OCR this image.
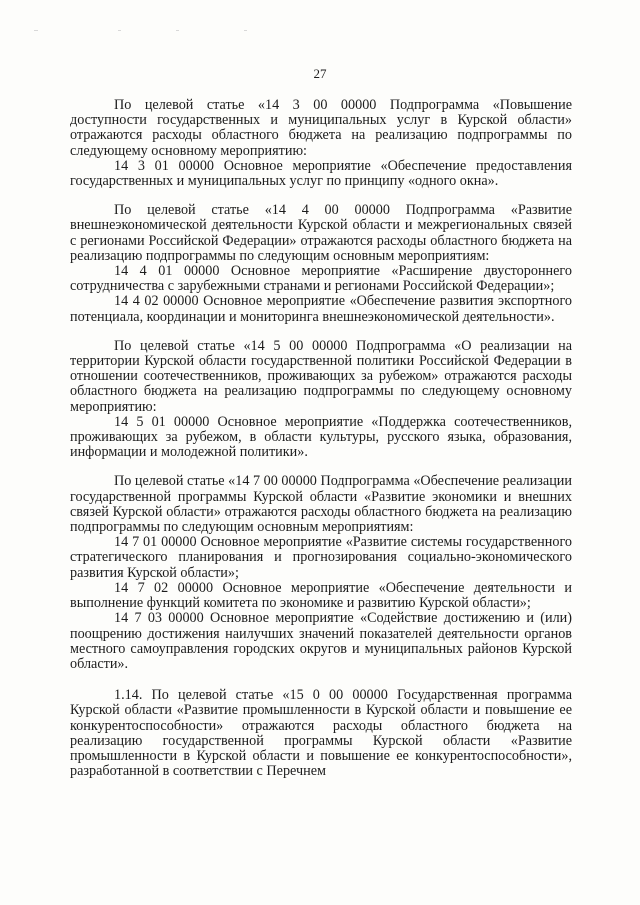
27

По целевой статье «14 3 00 00000 Подпрограмма «Повышение доступности государственных и муниципальных услуг в Курской области» отражаются расходы областного бюджета на реализацию подпрограммы по следующему основному мероприятию:

14 3 01 00000 Основное мероприятие «Обеспечение предоставления государственных и муниципальных услуг по принципу «одного окна».

По целевой статье «14 4 00 00000 Подпрограмма «Развитие внешнеэкономической деятельности Курской области и межрегиональных связей с регионами Российской Федерации» отражаются расходы областного бюджета на реализацию подпрограммы по следующим основным мероприятиям:

14 4 01 00000 Основное мероприятие «Расширение двустороннего сотрудничества с зарубежными странами и регионами Российской Федерации»;

14 4 02 00000 Основное мероприятие «Обеспечение развития экспортного потенциала, координации и мониторинга внешнеэкономической деятельности».

По целевой статье «14 5 00 00000 Подпрограмма «О реализации на территории Курской области государственной политики Российской Федерации в отношении соотечественников, проживающих за рубежом» отражаются расходы областного бюджета на реализацию подпрограммы по следующему основному мероприятию:

14 5 01 00000 Основное мероприятие «Поддержка соотечественников, проживающих за рубежом, в области культуры, русского языка, образования, информации и молодежной политики».

По целевой статье «14 7 00 00000 Подпрограмма «Обеспечение реализации государственной программы Курской области «Развитие экономики и внешних связей Курской области» отражаются расходы областного бюджета на реализацию подпрограммы по следующим основным мероприятиям:

14 7 01 00000 Основное мероприятие «Развитие системы государственного стратегического планирования и прогнозирования социально-экономического развития Курской области»;

14 7 02 00000 Основное мероприятие «Обеспечение деятельности и выполнение функций комитета по экономике и развитию Курской области»;

14 7 03 00000 Основное мероприятие «Содействие достижению и (или) поощрению достижения наилучших значений показателей деятельности органов местного самоуправления городских округов и муниципальных районов Курской области».

1.14. По целевой статье «15 0 00 00000 Государственная программа Курской области «Развитие промышленности в Курской области и повышение ее конкурентоспособности» отражаются расходы областного бюджета на реализацию государственной программы Курской области «Развитие промышленности в Курской области и повышение ее конкурентоспособности», разработанной в соответствии с Перечнем
